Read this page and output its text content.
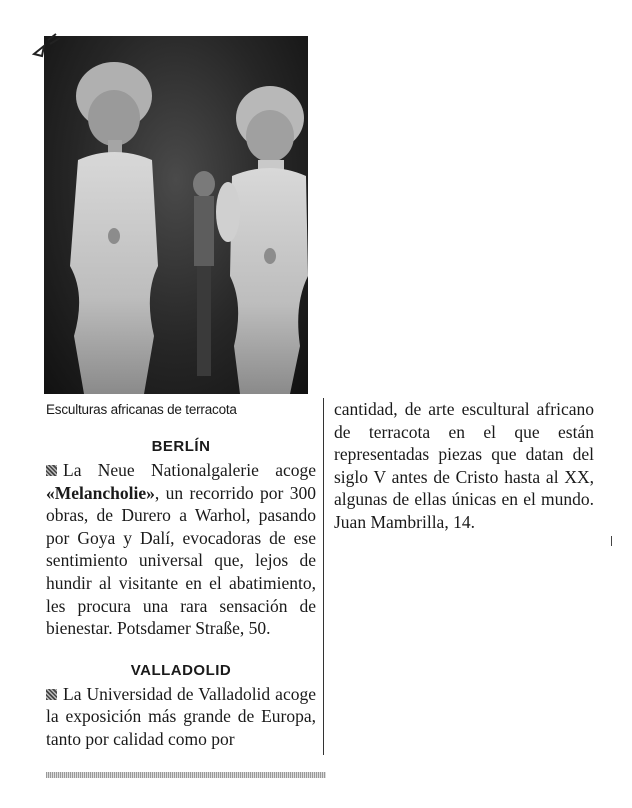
Esculturas africanas de terracota
BERLÍN

La Neue Nationalgalerie acoge «Melancholie», un recorrido por 300 obras, de Durero a Warhol, pasando por Goya y Dalí, evocadoras de ese sentimiento universal que, lejos de hundir al visitante en el abatimiento, les procura una rara sensación de bienestar. Potsdamer Straße, 50.

VALLADOLID

La Universidad de Valladolid acoge la exposición más grande de Europa, tanto por calidad como por

cantidad, de arte escultural africano de terracota en el que están representadas piezas que datan del siglo V antes de Cristo hasta al XX, algunas de ellas únicas en el mundo. Juan Mambrilla, 14.
